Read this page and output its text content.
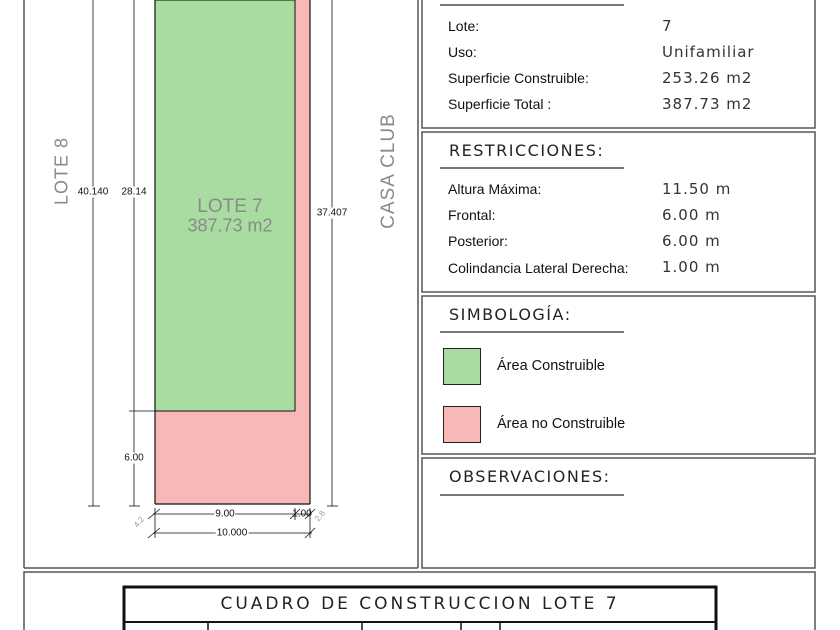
LOTE 8	CASA CLUB
LOTE 7
387.73 m2
40.140 28.14
37.407
6.00
9.00	1.00
10.000
4.2	2.8
Lote:	7
Uso:	Unifamiliar
Superficie Construible:	253.26 m2
Superficie Total :	387.73 m2
RESTRICCIONES:
Altura Máxima:	11.50 m
Frontal:	6.00 m
Posterior:	6.00 m
Colindancia Lateral Derecha: 1.00 m
SIMBOLOGÍA:
Área Construible
Área no Construible
OBSERVACIONES:
CUADRO DE CONSTRUCCION LOTE 7
